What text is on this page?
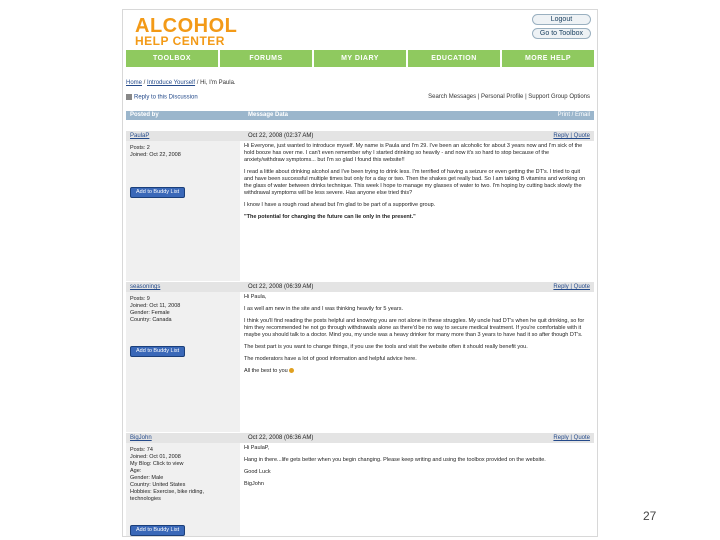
ALCOHOL
HELP CENTER
Logout
Go to Toolbox
TOOLBOX	FORUMS	MY DIARY	EDUCATION	MORE HELP
Home / Introduce Yourself / Hi, I'm Paula.
Reply to this Discussion	Search Messages | Personal Profile | Support Group Options
Posted by	Message Data	Print / Email
PaulaP	Oct 22, 2008 (02:37 AM)	Reply | Quote
Posts: 2
Joined: Oct 22, 2008
Add to Buddy List

Hi Everyone, just wanted to introduce myself. My name is Paula and I'm 29. I've been an alcoholic for about 3 years now and I'm sick of the hold booze has over me. I can't even remember why I started drinking so heavily - and now it's so hard to stop because of the anxiety/withdraw symptoms... but I'm so glad I found this website!!

I read a little about drinking alcohol and I've been trying to drink less. I'm terrified of having a seizure or even getting the DT's. I tried to quit and have been successful multiple times but only for a day or two. Then the shakes get really bad. So I am taking B vitamins and working on the glass of water between drinks technique. This week I hope to manage my glasses of water to two. I'm hoping by cutting back slowly the withdrawal symptoms will be less severe. Has anyone else tried this?

I know I have a rough road ahead but I'm glad to be part of a supportive group.

"The potential for changing the future can lie only in the present."

seasonings	Oct 22, 2008 (06:39 AM)	Reply | Quote
Posts: 9
Joined: Oct 11, 2008
Gender: Female
Country: Canada
Add to Buddy List

Hi Paula,

I as well am new in the site and I was thinking heavily for 5 years.

I think you'll find reading the posts helpful and knowing you are not alone in these struggles. My uncle had DT's when he quit drinking, so for him they recommended he not go through withdrawals alone as there'd be no way to secure medical treatment. If you're comfortable with it maybe you should talk to a doctor. Mind you, my uncle was a heavy drinker for many more than 3 years to have had it so after though DT's.

The best part is you want to change things, if you use the tools and visit the website often it should really benefit you.

The moderators have a lot of good information and helpful advice here.

All the best to you

BigJohn	Oct 22, 2008 (06:36 AM)	Reply | Quote
Posts: 74
Joined: Oct 01, 2008
My Blog: Click to view
Age:
Gender: Male
Country: United States
Hobbies: Exercise, bike riding, technologies
Add to Buddy List

Hi PaulaP,

Hang in there...life gets better when you begin changing. Please keep writing and using the toolbox provided on the website.

Good Luck

BigJohn

27
